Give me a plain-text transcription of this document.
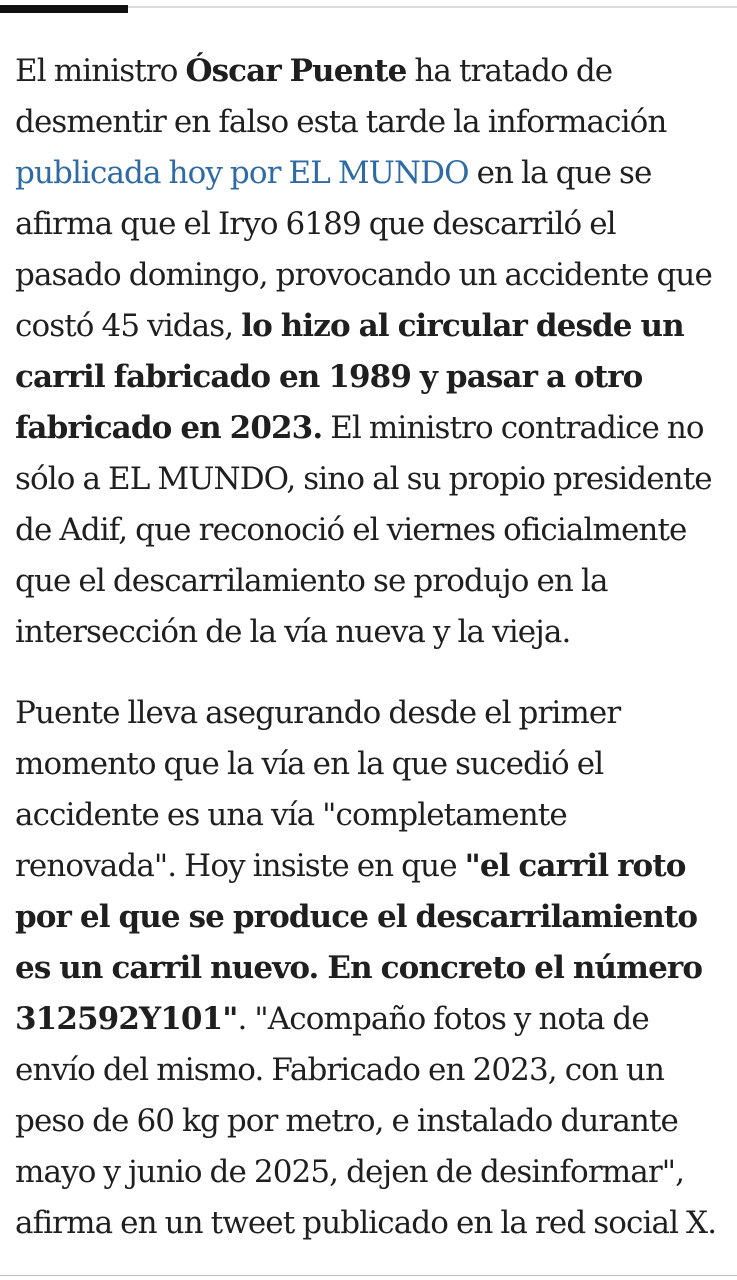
El ministro Óscar Puente ha tratado de desmentir en falso esta tarde la información publicada hoy por EL MUNDO en la que se afirma que el Iryo 6189 que descarriló el pasado domingo, provocando un accidente que costó 45 vidas, lo hizo al circular desde un carril fabricado en 1989 y pasar a otro fabricado en 2023. El ministro contradice no sólo a EL MUNDO, sino al su propio presidente de Adif, que reconoció el viernes oficialmente que el descarrilamiento se produjo en la intersección de la vía nueva y la vieja.

Puente lleva asegurando desde el primer momento que la vía en la que sucedió el accidente es una vía "completamente renovada". Hoy insiste en que "el carril roto por el que se produce el descarrilamiento es un carril nuevo. En concreto el número 312592Y101". "Acompaño fotos y nota de envío del mismo. Fabricado en 2023, con un peso de 60 kg por metro, e instalado durante mayo y junio de 2025, dejen de desinformar", afirma en un tweet publicado en la red social X.
